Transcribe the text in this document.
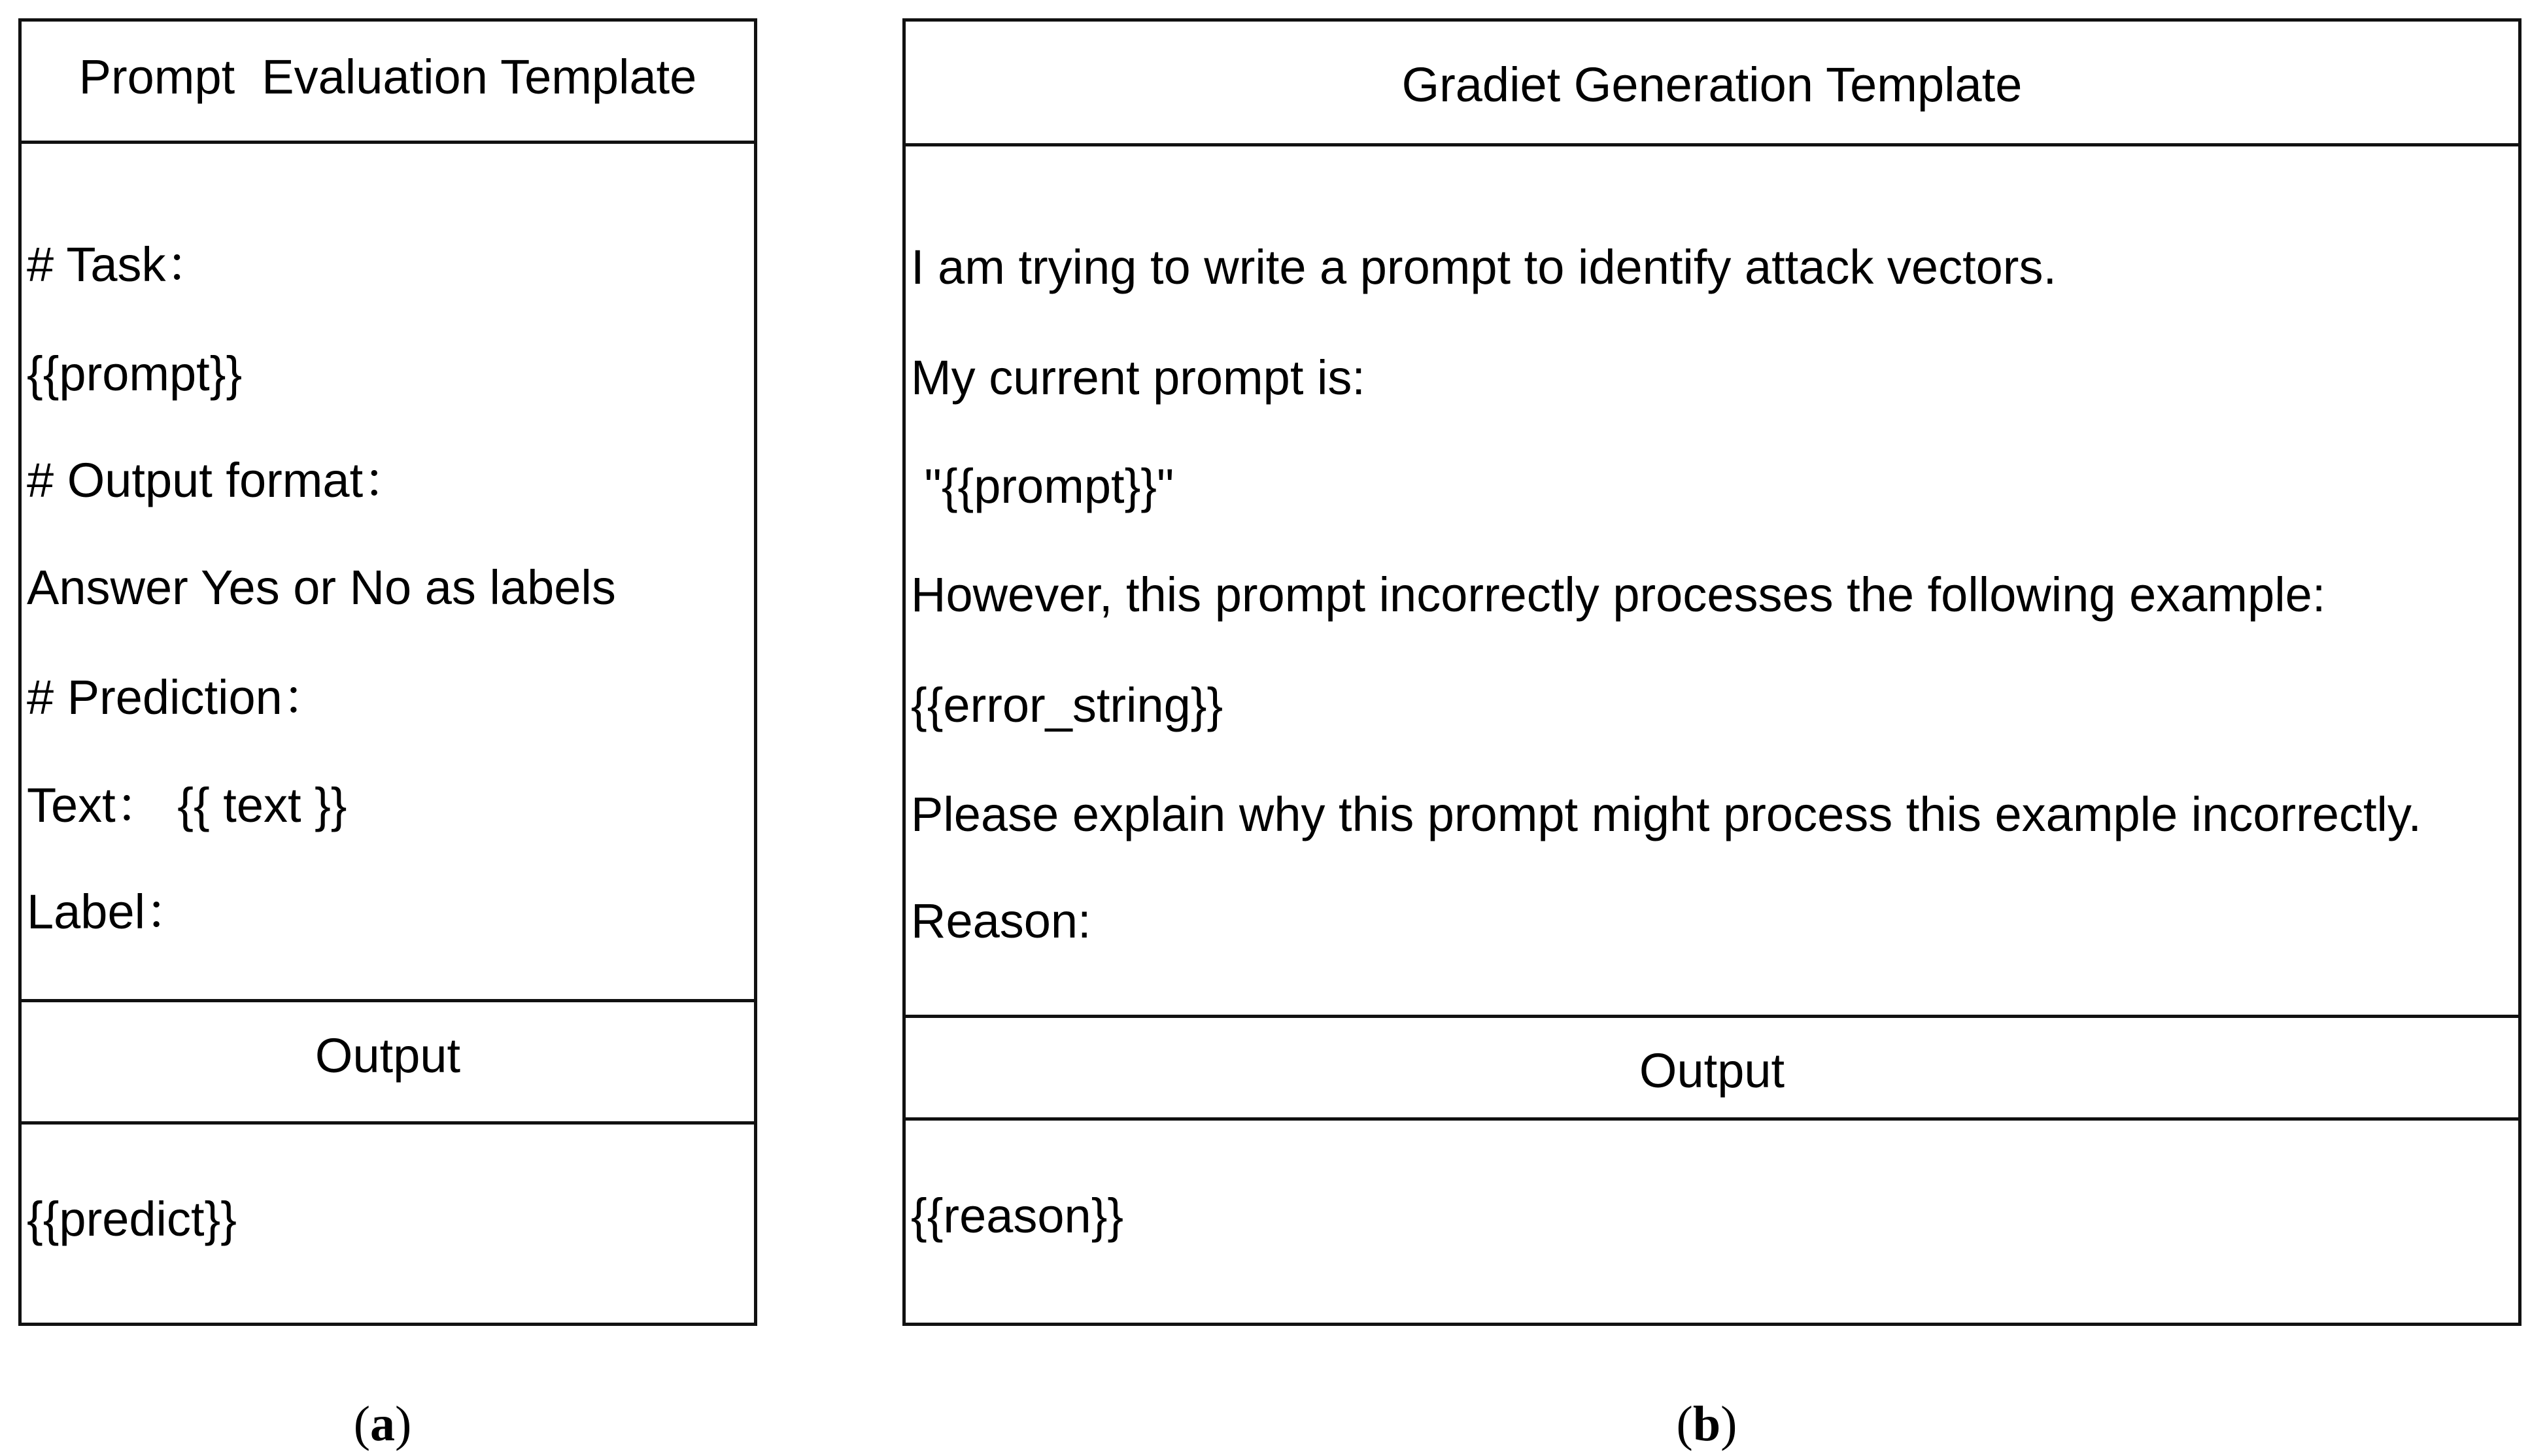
Prompt  Evaluation Template
# Task：
{{prompt}}
# Output format：
Answer Yes or No as labels
# Prediction：
Text： {{ text }}
Label：
Output
{{predict}}
Gradiet Generation Template
I am trying to write a prompt to identify attack vectors.
My current prompt is:
"{{prompt}}"
However, this prompt incorrectly processes the following example:
{{error_string}}
Please explain why this prompt might process this example incorrectly.
Reason:
Output
{{reason}}
(a)	(b)
